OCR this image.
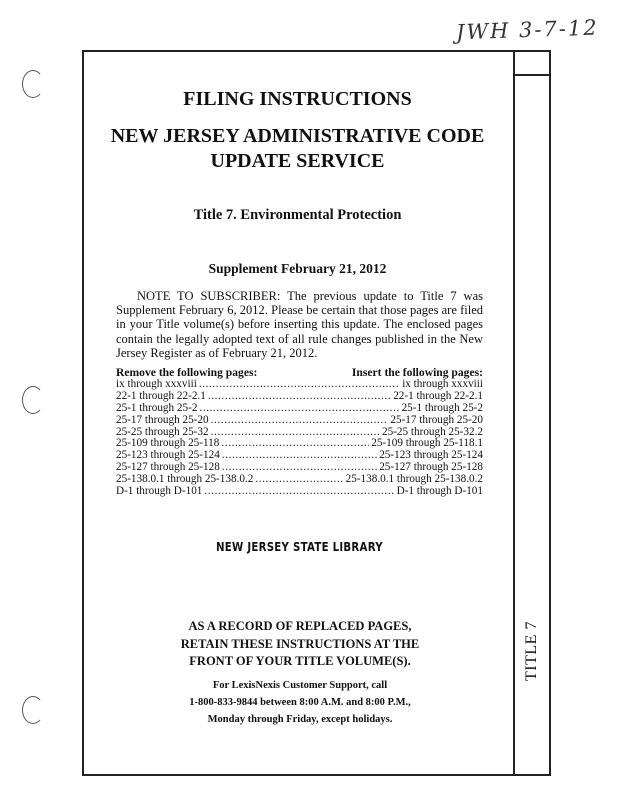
JWH 3-7-12
TITLE 7
FILING INSTRUCTIONS
NEW JERSEY ADMINISTRATIVE CODE
UPDATE SERVICE
Title 7. Environmental Protection
Supplement February 21, 2012
NOTE TO SUBSCRIBER: The previous update to Title 7 was Supplement February 6, 2012. Please be certain that those pages are filed in your Title volume(s) before inserting this update. The enclosed pages contain the legally adopted text of all rule changes published in the New Jersey Register as of February 21, 2012.
Remove the following pages:	Insert the following pages:
ix through xxxviii .....	ix through xxxviii
22-1 through 22-2.1 .....	22-1 through 22-2.1
25-1 through 25-2 .....	25-1 through 25-2
25-17 through 25-20 .....	25-17 through 25-20
25-25 through 25-32 .....	25-25 through 25-32.2
25-109 through 25-118 .....	25-109 through 25-118.1
25-123 through 25-124 .....	25-123 through 25-124
25-127 through 25-128 .....	25-127 through 25-128
25-138.0.1 through 25-138.0.2 .....	25-138.0.1 through 25-138.0.2
D-1 through D-101 .....	D-1 through D-101
NEW JERSEY STATE LIBRARY
AS A RECORD OF REPLACED PAGES,
RETAIN THESE INSTRUCTIONS AT THE
FRONT OF YOUR TITLE VOLUME(S).
For LexisNexis Customer Support, call
1-800-833-9844 between 8:00 A.M. and 8:00 P.M.,
Monday through Friday, except holidays.
